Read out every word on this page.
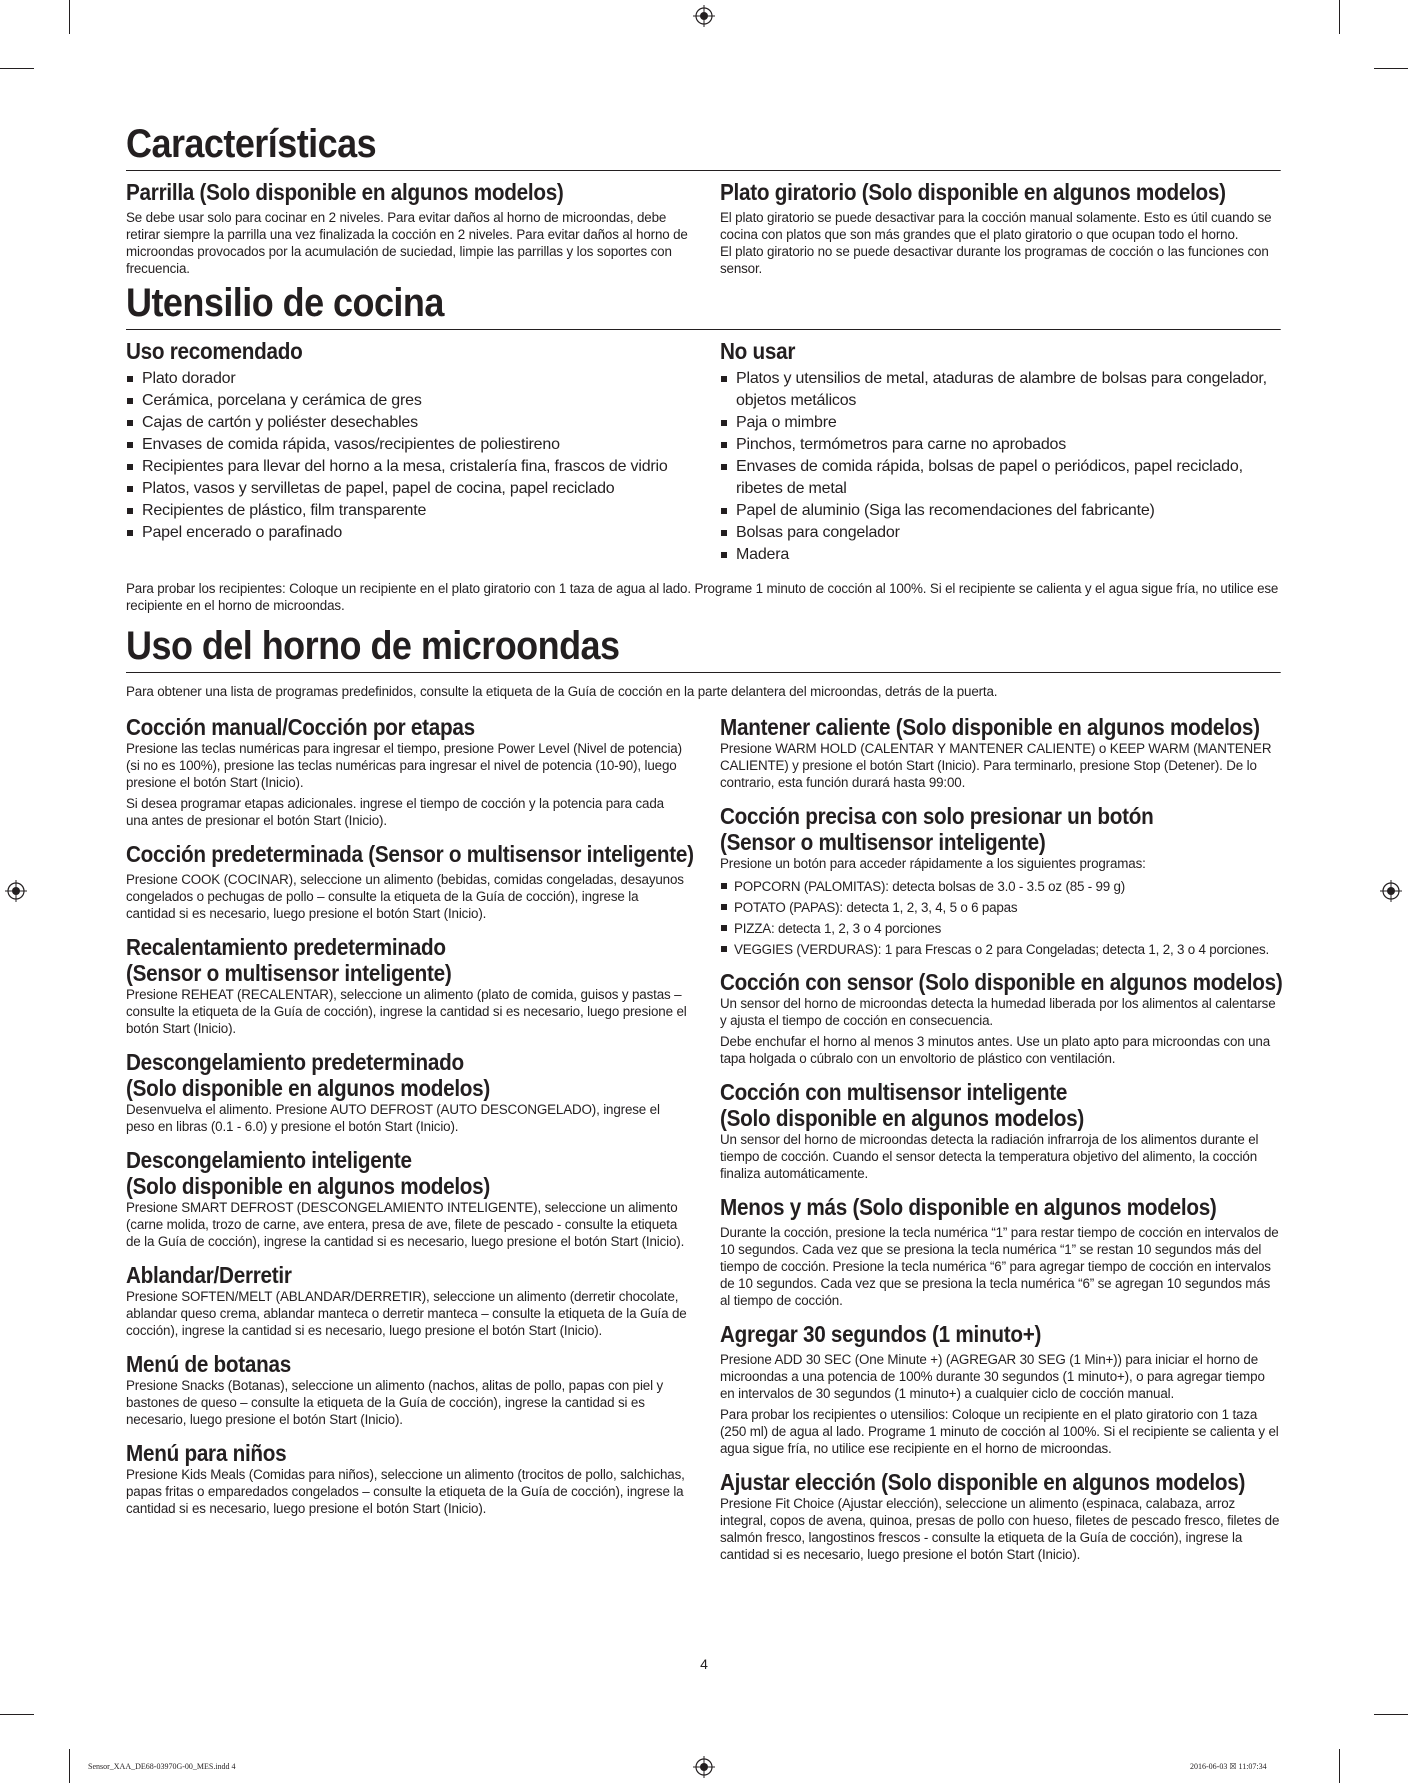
Características
Parrilla (Solo disponible en algunos modelos)

Se debe usar solo para cocinar en 2 niveles. Para evitar daños al horno de microondas, debe retirar siempre la parrilla una vez finalizada la cocción en 2 niveles. Para evitar daños al horno de microondas provocados por la acumulación de suciedad, limpie las parrillas y los soportes con frecuencia.

Plato giratorio (Solo disponible en algunos modelos)

El plato giratorio se puede desactivar para la cocción manual solamente. Esto es útil cuando se cocina con platos que son más grandes que el plato giratorio o que ocupan todo el horno.

El plato giratorio no se puede desactivar durante los programas de cocción o las funciones con sensor.

Utensilio de cocina
Uso recomendado
Plato dorador
Cerámica, porcelana y cerámica de gres
Cajas de cartón y poliéster desechables
Envases de comida rápida, vasos/recipientes de poliestireno
Recipientes para llevar del horno a la mesa, cristalería fina, frascos de vidrio
Platos, vasos y servilletas de papel, papel de cocina, papel reciclado
Recipientes de plástico, film transparente
Papel encerado o parafinado
No usar
Platos y utensilios de metal, ataduras de alambre de bolsas para congelador, objetos metálicos
Paja o mimbre
Pinchos, termómetros para carne no aprobados
Envases de comida rápida, bolsas de papel o periódicos, papel reciclado, ribetes de metal
Papel de aluminio (Siga las recomendaciones del fabricante)
Bolsas para congelador
Madera

Para probar los recipientes: Coloque un recipiente en el plato giratorio con 1 taza de agua al lado. Programe 1 minuto de cocción al 100%. Si el recipiente se calienta y el agua sigue fría, no utilice ese recipiente en el horno de microondas.

Uso del horno de microondas

Para obtener una lista de programas predefinidos, consulte la etiqueta de la Guía de cocción en la parte delantera del microondas, detrás de la puerta.

Cocción manual/Cocción por etapas

Presione las teclas numéricas para ingresar el tiempo, presione Power Level (Nivel de potencia) (si no es 100%), presione las teclas numéricas para ingresar el nivel de potencia (10-90), luego presione el botón Start (Inicio).

Si desea programar etapas adicionales. ingrese el tiempo de cocción y la potencia para cada una antes de presionar el botón Start (Inicio).

Cocción predeterminada (Sensor o multisensor inteligente)

Presione COOK (COCINAR), seleccione un alimento (bebidas, comidas congeladas, desayunos congelados o pechugas de pollo – consulte la etiqueta de la Guía de cocción), ingrese la cantidad si es necesario, luego presione el botón Start (Inicio).

Recalentamiento predeterminado
(Sensor o multisensor inteligente)

Presione REHEAT (RECALENTAR), seleccione un alimento (plato de comida, guisos y pastas – consulte la etiqueta de la Guía de cocción), ingrese la cantidad si es necesario, luego presione el botón Start (Inicio).

Descongelamiento predeterminado
(Solo disponible en algunos modelos)

Desenvuelva el alimento. Presione AUTO DEFROST (AUTO DESCONGELADO), ingrese el peso en libras (0.1 - 6.0) y presione el botón Start (Inicio).

Descongelamiento inteligente
(Solo disponible en algunos modelos)

Presione SMART DEFROST (DESCONGELAMIENTO INTELIGENTE), seleccione un alimento (carne molida, trozo de carne, ave entera, presa de ave, filete de pescado - consulte la etiqueta de la Guía de cocción), ingrese la cantidad si es necesario, luego presione el botón Start (Inicio).

Ablandar/Derretir

Presione SOFTEN/MELT (ABLANDAR/DERRETIR), seleccione un alimento (derretir chocolate, ablandar queso crema, ablandar manteca o derretir manteca – consulte la etiqueta de la Guía de cocción), ingrese la cantidad si es necesario, luego presione el botón Start (Inicio).

Menú de botanas

Presione Snacks (Botanas), seleccione un alimento (nachos, alitas de pollo, papas con piel y bastones de queso – consulte la etiqueta de la Guía de cocción), ingrese la cantidad si es necesario, luego presione el botón Start (Inicio).

Menú para niños

Presione Kids Meals (Comidas para niños), seleccione un alimento (trocitos de pollo, salchichas, papas fritas o emparedados congelados – consulte la etiqueta de la Guía de cocción), ingrese la cantidad si es necesario, luego presione el botón Start (Inicio).

Mantener caliente (Solo disponible en algunos modelos)

Presione WARM HOLD (CALENTAR Y MANTENER CALIENTE) o KEEP WARM (MANTENER CALIENTE) y presione el botón Start (Inicio). Para terminarlo, presione Stop (Detener). De lo contrario, esta función durará hasta 99:00.

Cocción precisa con solo presionar un botón
(Sensor o multisensor inteligente)

Presione un botón para acceder rápidamente a los siguientes programas:

POPCORN (PALOMITAS): detecta bolsas de 3.0 - 3.5 oz (85 - 99 g)
POTATO (PAPAS): detecta 1, 2, 3, 4, 5 o 6 papas
PIZZA: detecta 1, 2, 3 o 4 porciones
VEGGIES (VERDURAS): 1 para Frescas o 2 para Congeladas; detecta 1, 2, 3 o 4 porciones.
Cocción con sensor (Solo disponible en algunos modelos)

Un sensor del horno de microondas detecta la humedad liberada por los alimentos al calentarse y ajusta el tiempo de cocción en consecuencia.

Debe enchufar el horno al menos 3 minutos antes. Use un plato apto para microondas con una tapa holgada o cúbralo con un envoltorio de plástico con ventilación.

Cocción con multisensor inteligente
(Solo disponible en algunos modelos)

Un sensor del horno de microondas detecta la radiación infrarroja de los alimentos durante el tiempo de cocción. Cuando el sensor detecta la temperatura objetivo del alimento, la cocción finaliza automáticamente.

Menos y más (Solo disponible en algunos modelos)

Durante la cocción, presione la tecla numérica “1” para restar tiempo de cocción en intervalos de 10 segundos. Cada vez que se presiona la tecla numérica “1” se restan 10 segundos más del tiempo de cocción. Presione la tecla numérica “6” para agregar tiempo de cocción en intervalos de 10 segundos. Cada vez que se presiona la tecla numérica “6” se agregan 10 segundos más al tiempo de cocción.

Agregar 30 segundos (1 minuto+)

Presione ADD 30 SEC (One Minute +) (AGREGAR 30 SEG (1 Min+)) para iniciar el horno de microondas a una potencia de 100% durante 30 segundos (1 minuto+), o para agregar tiempo en intervalos de 30 segundos (1 minuto+) a cualquier ciclo de cocción manual.

Para probar los recipientes o utensilios: Coloque un recipiente en el plato giratorio con 1 taza (250 ml) de agua al lado. Programe 1 minuto de cocción al 100%. Si el recipiente se calienta y el agua sigue fría, no utilice ese recipiente en el horno de microondas.

Ajustar elección (Solo disponible en algunos modelos)

Presione Fit Choice (Ajustar elección), seleccione un alimento (espinaca, calabaza, arroz integral, copos de avena, quinoa, presas de pollo con hueso, filetes de pescado fresco, filetes de salmón fresco, langostinos frescos - consulte la etiqueta de la Guía de cocción), ingrese la cantidad si es necesario, luego presione el botón Start (Inicio).

4
Sensor_XAA_DE68-03970G-00_MES.indd 4	2016-06-03 ☒ 11:07:34
